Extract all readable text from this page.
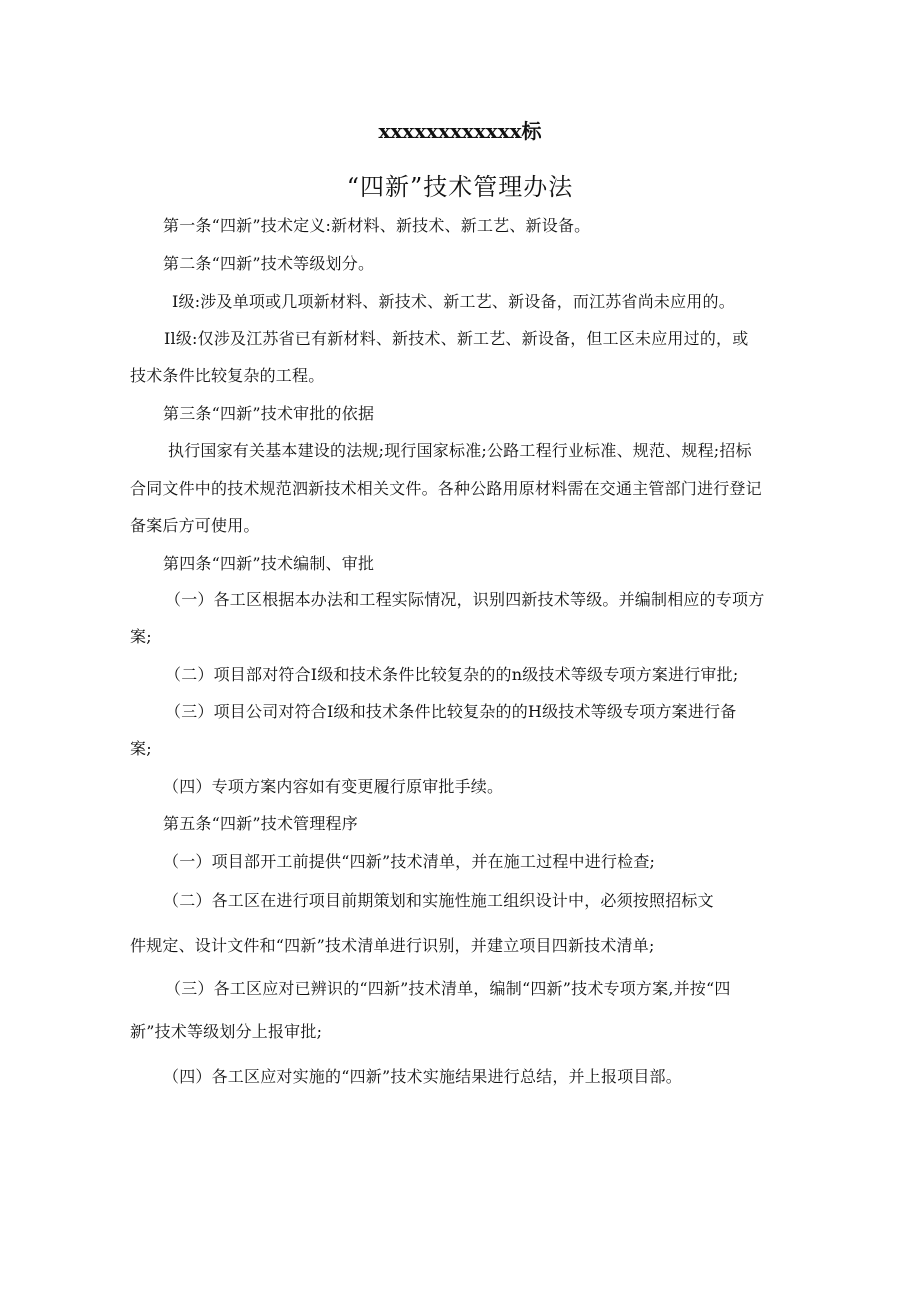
xxxxxxxxxxxx标
“四新”技术管理办法
第一条“四新”技术定义:新材料、新技术、新工艺、新设备。
第二条“四新”技术等级划分。
Ⅰ级:涉及单项或几项新材料、新技术、新工艺、新设备，而江苏省尚未应用的。
Il级:仅涉及江苏省已有新材料、新技术、新工艺、新设备，但工区未应用过的，或
技术条件比较复杂的工程。
第三条“四新”技术审批的依据
执行国家有关基本建设的法规;现行国家标准;公路工程行业标准、规范、规程;招标
合同文件中的技术规范泗新技术相关文件。各种公路用原材料需在交通主管部门进行登记
备案后方可使用。
第四条“四新”技术编制、审批
（一）各工区根据本办法和工程实际情况，识别四新技术等级。并编制相应的专项方
案;
（二）项目部对符合Ⅰ级和技术条件比较复杂的的n级技术等级专项方案进行审批;
（三）项目公司对符合Ⅰ级和技术条件比较复杂的的H级技术等级专项方案进行备
案;
（四）专项方案内容如有变更履行原审批手续。
第五条“四新”技术管理程序
（一）项目部开工前提供“四新”技术清单，并在施工过程中进行检查;
（二）各工区在进行项目前期策划和实施性施工组织设计中，必须按照招标文
件规定、设计文件和“四新”技术清单进行识别，并建立项目四新技术清单;
（三）各工区应对已辨识的“四新”技术清单，编制“四新”技术专项方案,并按“四
新”技术等级划分上报审批;
（四）各工区应对实施的“四新”技术实施结果进行总结，并上报项目部。
